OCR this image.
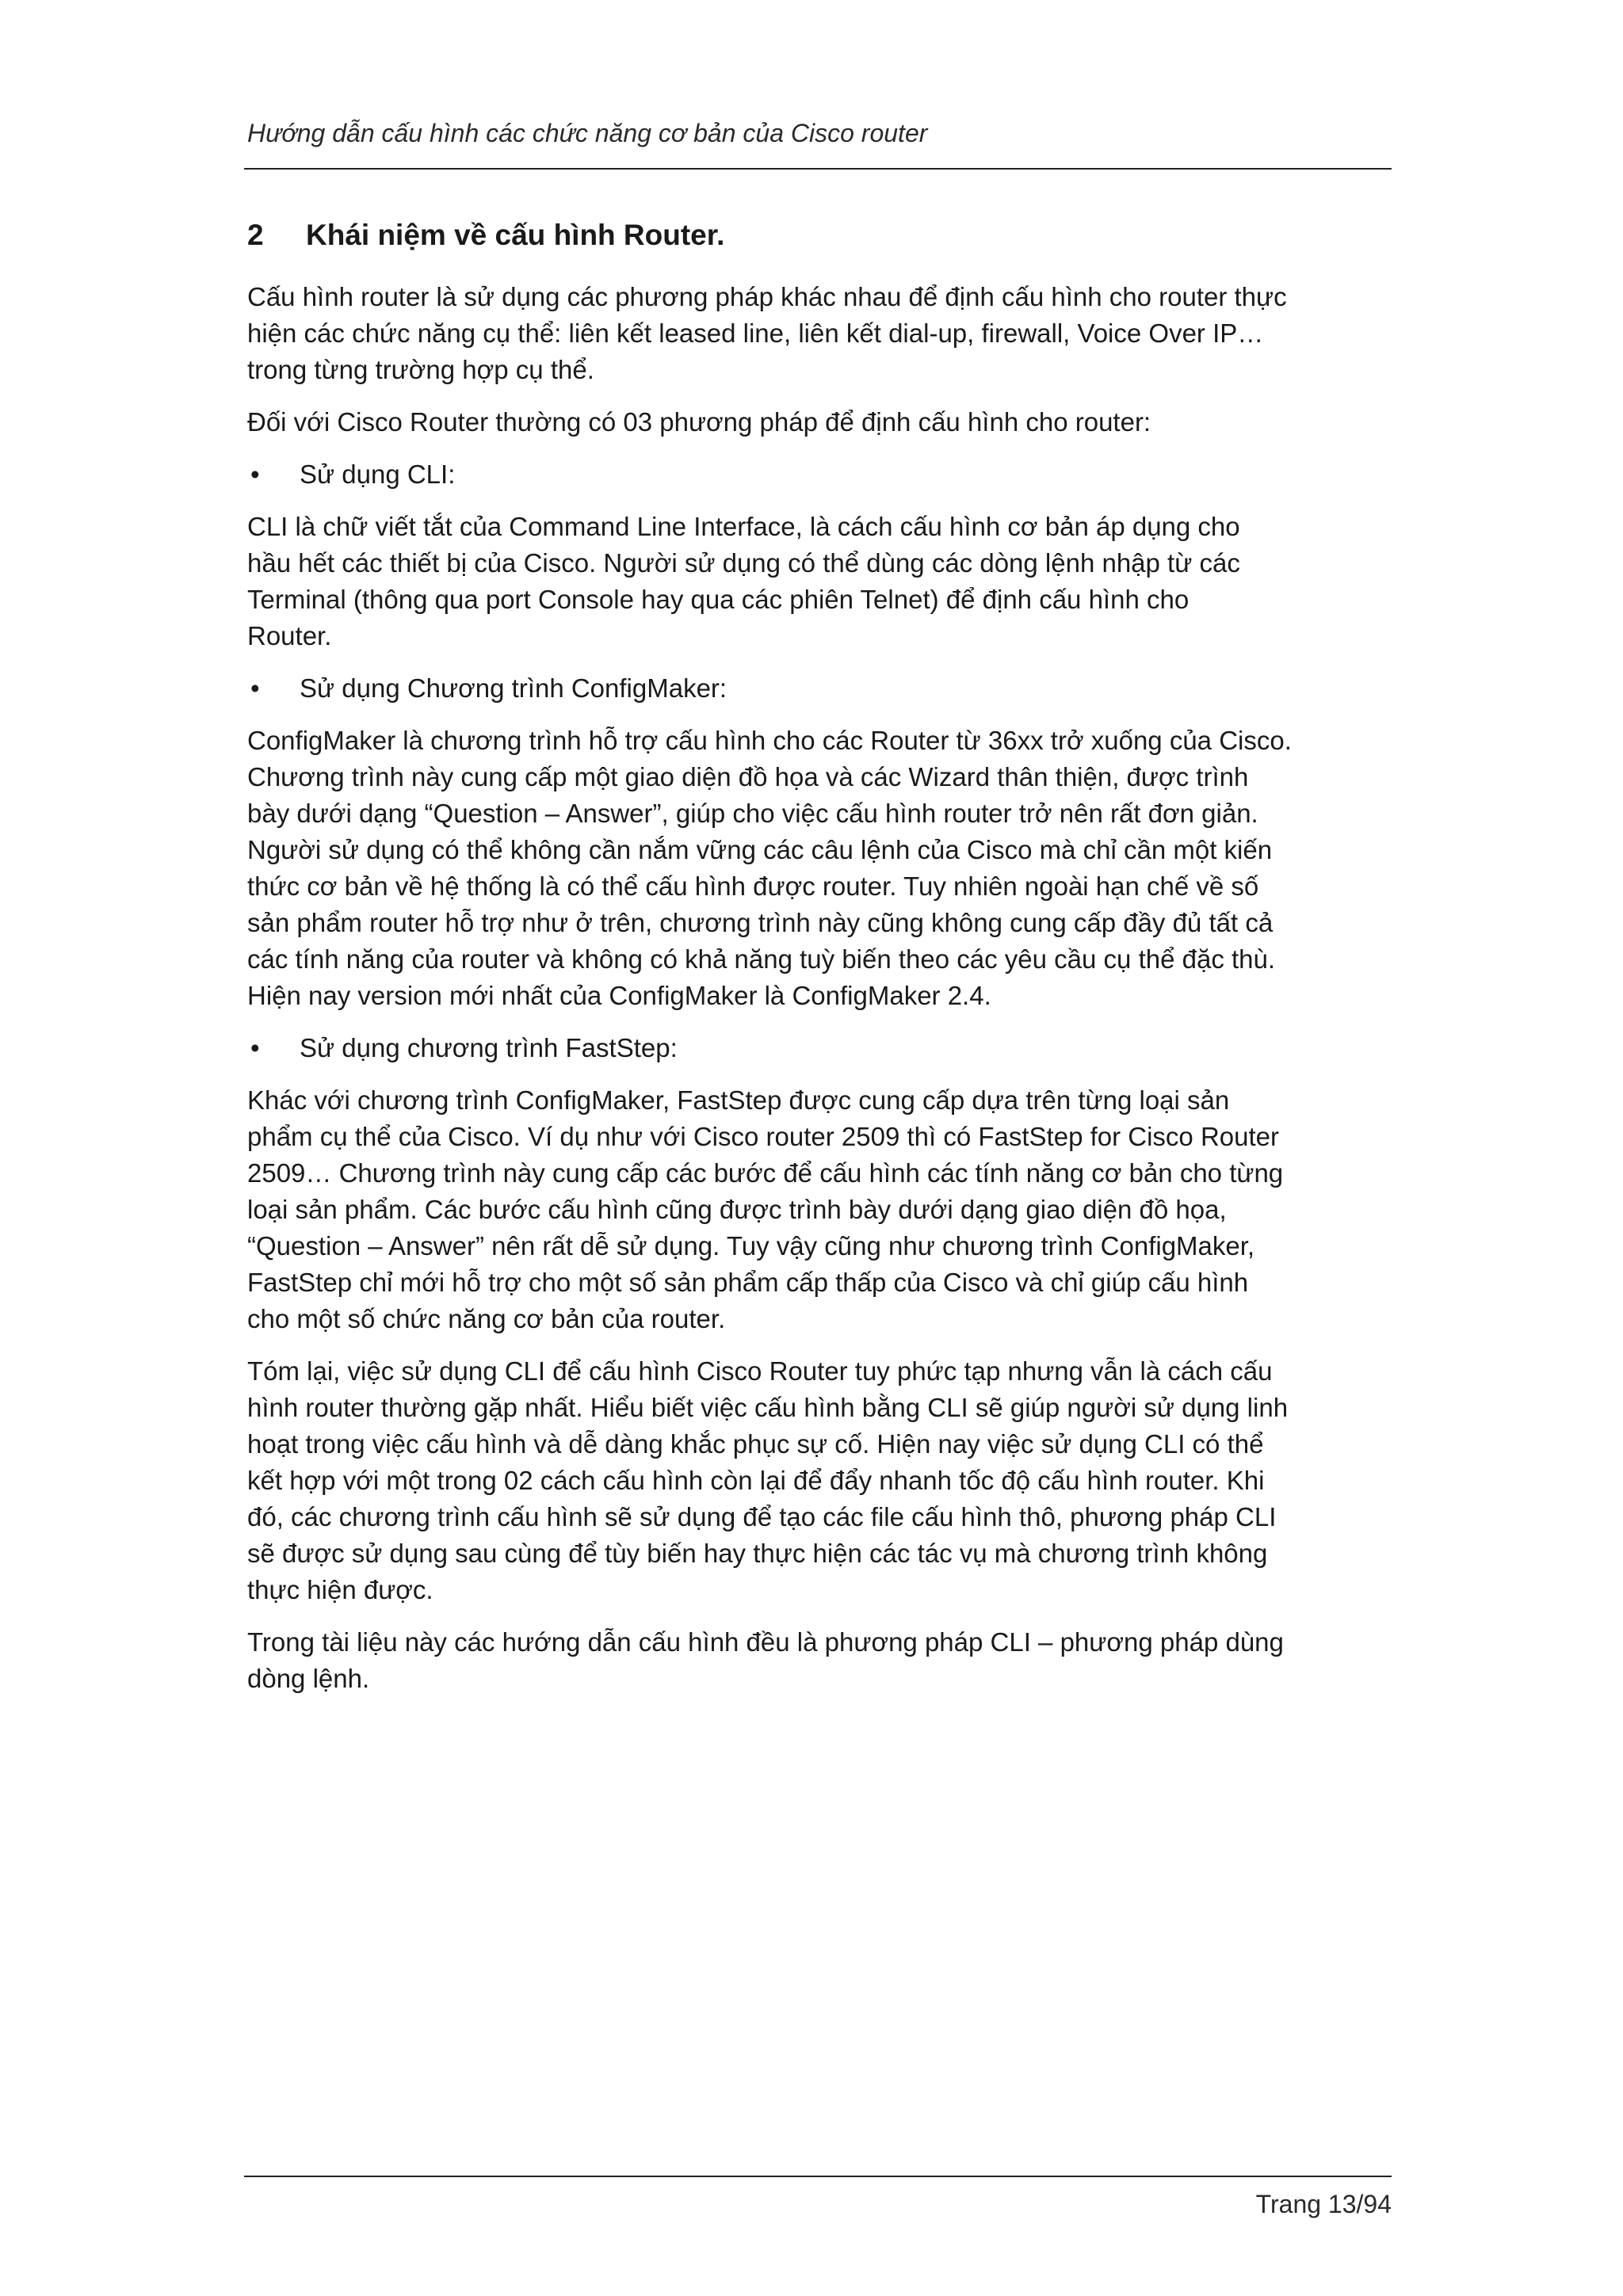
Hướng dẫn cấu hình các chức năng cơ bản của Cisco router
2 Khái niệm về cấu hình Router.

Cấu hình router là sử dụng các phương pháp khác nhau để định cấu hình cho router thực
hiện các chức năng cụ thể: liên kết leased line, liên kết dial-up, firewall, Voice Over IP…
trong từng trường hợp cụ thể.

Đối với Cisco Router thường có 03 phương pháp để định cấu hình cho router:

•	Sử dụng CLI:

CLI là chữ viết tắt của Command Line Interface, là cách cấu hình cơ bản áp dụng cho
hầu hết các thiết bị của Cisco. Người sử dụng có thể dùng các dòng lệnh nhập từ các
Terminal (thông qua port Console hay qua các phiên Telnet) để định cấu hình cho
Router.

•	Sử dụng Chương trình ConfigMaker:

ConfigMaker là chương trình hỗ trợ cấu hình cho các Router từ 36xx trở xuống của Cisco.
Chương trình này cung cấp một giao diện đồ họa và các Wizard thân thiện, được trình
bày dưới dạng “Question – Answer”, giúp cho việc cấu hình router trở nên rất đơn giản.
Người sử dụng có thể không cần nắm vững các câu lệnh của Cisco mà chỉ cần một kiến
thức cơ bản về hệ thống là có thể cấu hình được router. Tuy nhiên ngoài hạn chế về số
sản phẩm router hỗ trợ như ở trên, chương trình này cũng không cung cấp đầy đủ tất cả
các tính năng của router và không có khả năng tuỳ biến theo các yêu cầu cụ thể đặc thù.
Hiện nay version mới nhất của ConfigMaker là ConfigMaker 2.4.

•	Sử dụng chương trình FastStep:

Khác với chương trình ConfigMaker, FastStep được cung cấp dựa trên từng loại sản
phẩm cụ thể của Cisco. Ví dụ như với Cisco router 2509 thì có FastStep for Cisco Router
2509… Chương trình này cung cấp các bước để cấu hình các tính năng cơ bản cho từng
loại sản phẩm. Các bước cấu hình cũng được trình bày dưới dạng giao diện đồ họa,
“Question – Answer” nên rất dễ sử dụng. Tuy vậy cũng như chương trình ConfigMaker,
FastStep chỉ mới hỗ trợ cho một số sản phẩm cấp thấp của Cisco và chỉ giúp cấu hình
cho một số chức năng cơ bản của router.

Tóm lại, việc sử dụng CLI để cấu hình Cisco Router tuy phức tạp nhưng vẫn là cách cấu
hình router thường gặp nhất. Hiểu biết việc cấu hình bằng CLI sẽ giúp người sử dụng linh
hoạt trong việc cấu hình và dễ dàng khắc phục sự cố. Hiện nay việc sử dụng CLI có thể
kết hợp với một trong 02 cách cấu hình còn lại để đẩy nhanh tốc độ cấu hình router. Khi
đó, các chương trình cấu hình sẽ sử dụng để tạo các file cấu hình thô, phương pháp CLI
sẽ được sử dụng sau cùng để tùy biến hay thực hiện các tác vụ mà chương trình không
thực hiện được.

Trong tài liệu này các hướng dẫn cấu hình đều là phương pháp CLI – phương pháp dùng
dòng lệnh.

Trang 13/94
